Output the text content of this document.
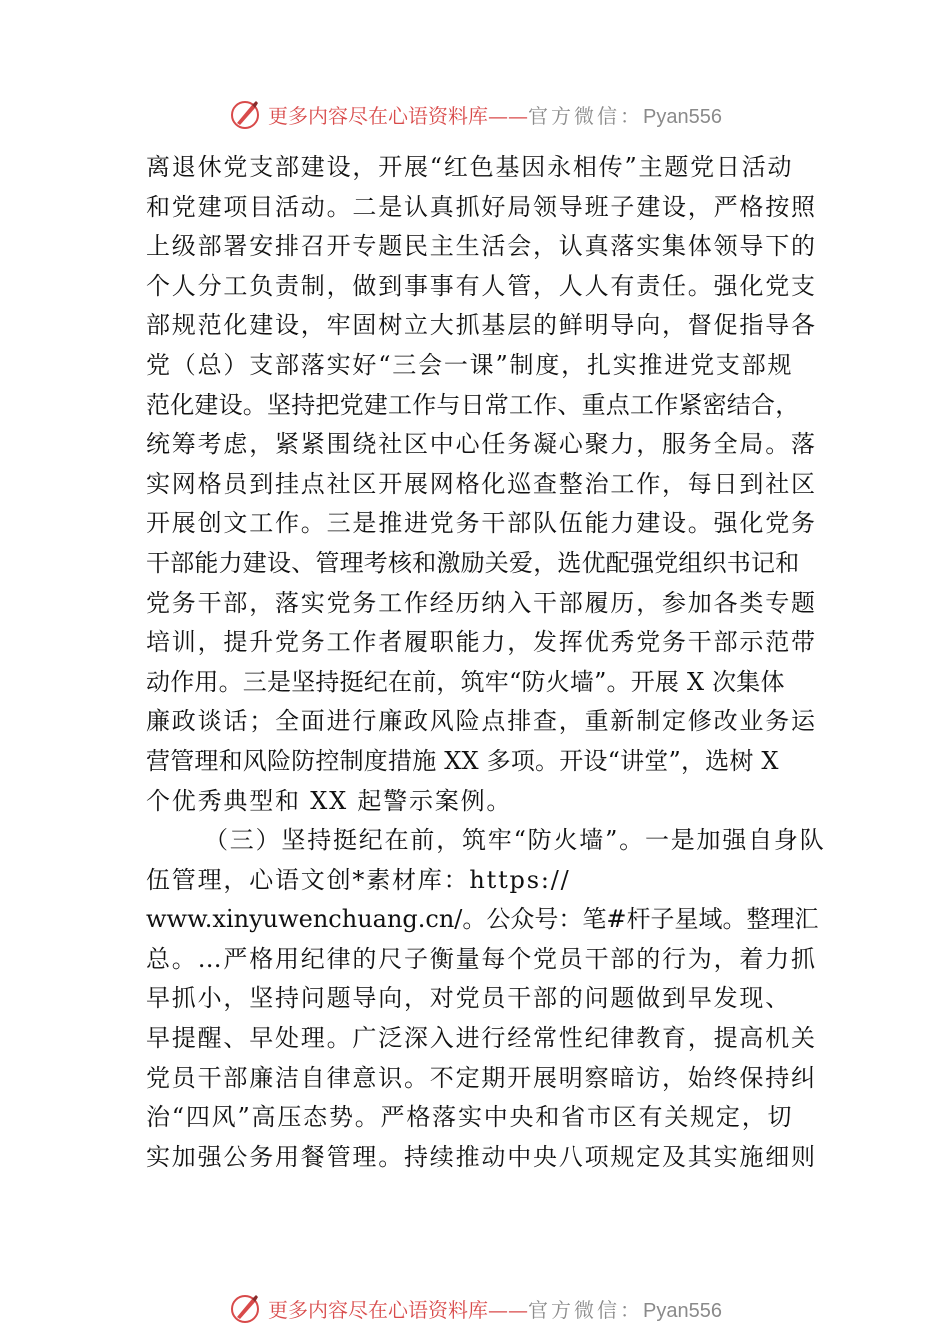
更多内容尽在心语资料库——官方微信：Pyan556
离退休党支部建设，开展“红色基因永相传”主题党日活动
和党建项目活动。二是认真抓好局领导班子建设，严格按照
上级部署安排召开专题民主生活会，认真落实集体领导下的
个人分工负责制，做到事事有人管，人人有责任。强化党支
部规范化建设，牢固树立大抓基层的鲜明导向，督促指导各
党（总）支部落实好“三会一课”制度，扎实推进党支部规
范化建设。坚持把党建工作与日常工作、重点工作紧密结合，
统筹考虑，紧紧围绕社区中心任务凝心聚力，服务全局。落
实网格员到挂点社区开展网格化巡查整治工作，每日到社区
开展创文工作。三是推进党务干部队伍能力建设。强化党务
干部能力建设、管理考核和激励关爱，选优配强党组织书记和
党务干部，落实党务工作经历纳入干部履历，参加各类专题
培训，提升党务工作者履职能力，发挥优秀党务干部示范带
动作用。三是坚持挺纪在前，筑牢“防火墙”。开展 X 次集体
廉政谈话；全面进行廉政风险点排查，重新制定修改业务运
营管理和风险防控制度措施 XX 多项。开设“讲堂”，选树 X
个优秀典型和 XX 起警示案例。
（三）坚持挺纪在前，筑牢“防火墙”。一是加强自身队
伍管理，心语文创*素材库：https://
www.xinyuwenchuang.cn/。公众号：笔#杆子星域。整理汇
总。…严格用纪律的尺子衡量每个党员干部的行为，着力抓
早抓小，坚持问题导向，对党员干部的问题做到早发现、
早提醒、早处理。广泛深入进行经常性纪律教育，提高机关
党员干部廉洁自律意识。不定期开展明察暗访，始终保持纠
治“四风”高压态势。严格落实中央和省市区有关规定，切
实加强公务用餐管理。持续推动中央八项规定及其实施细则
更多内容尽在心语资料库——官方微信：Pyan556
